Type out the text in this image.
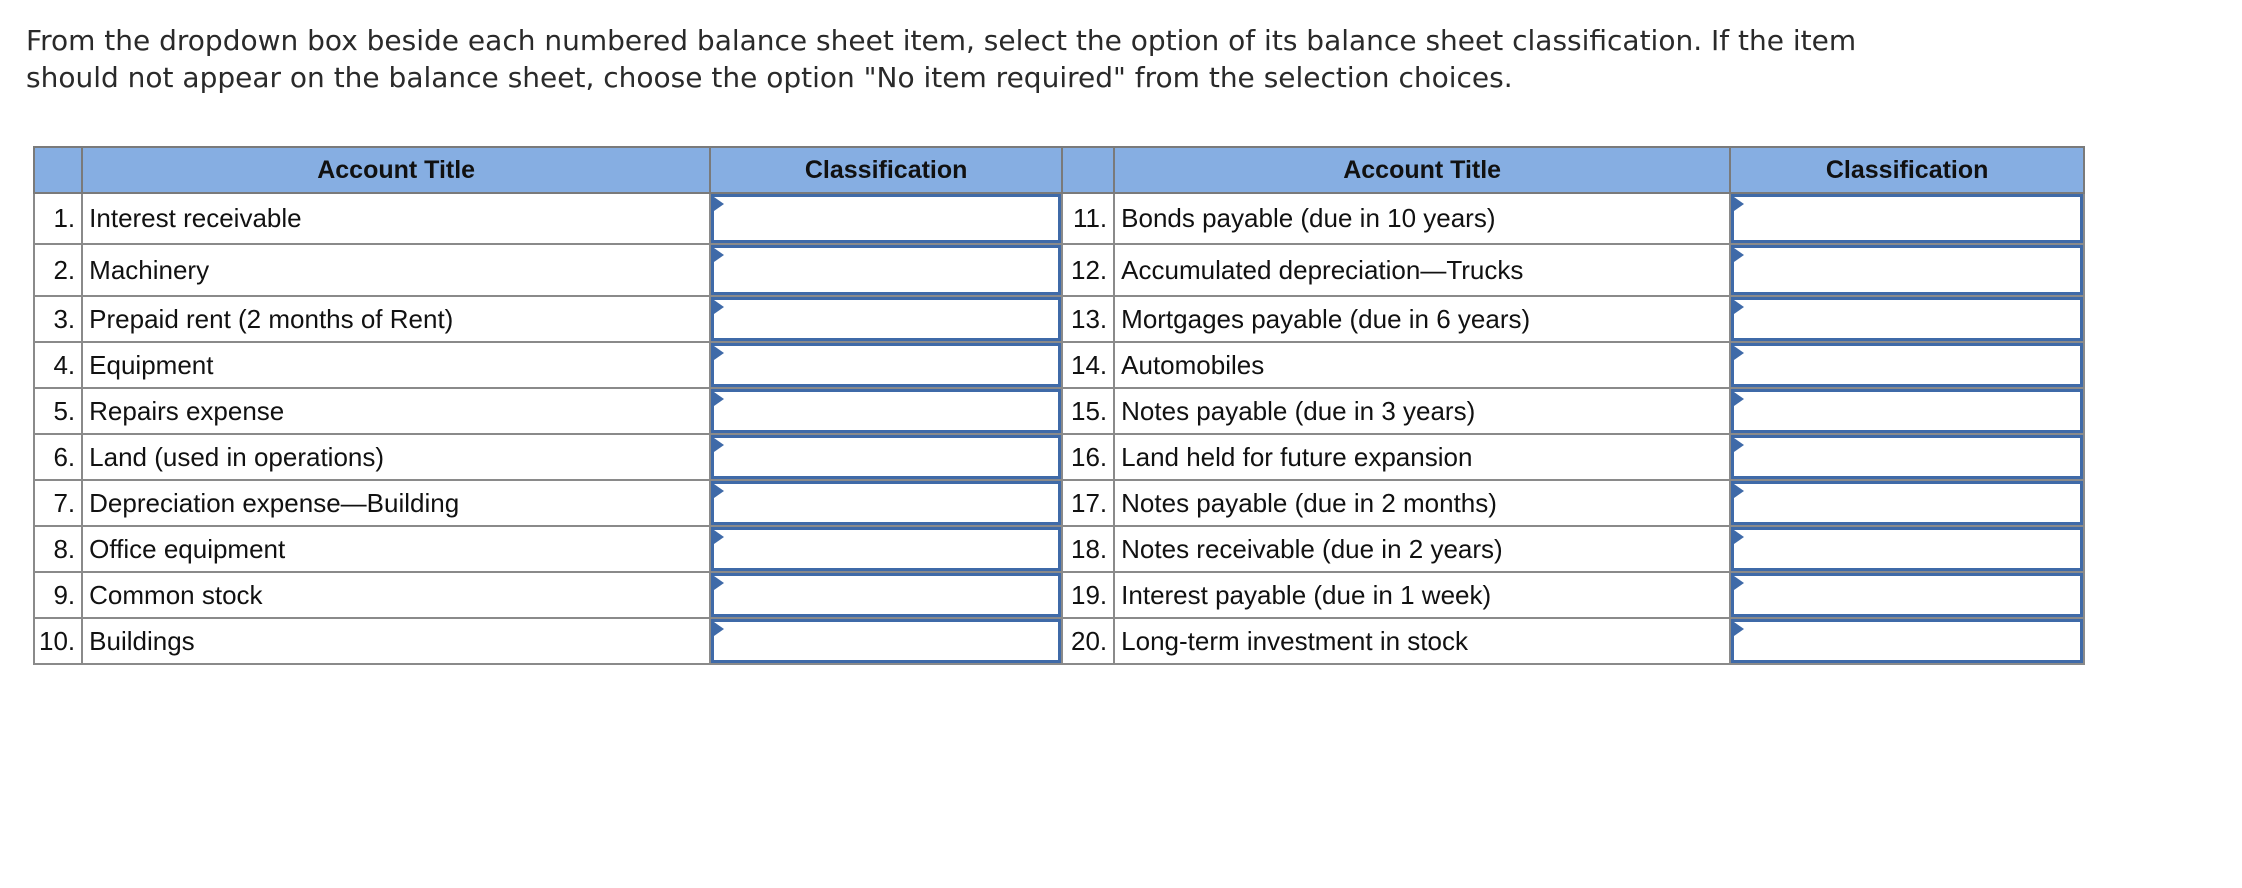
From the dropdown box beside each numbered balance sheet item, select the option of its balance sheet classification. If the item

should not appear on the balance sheet, choose the option "No item required" from the selection choices.

	Account Title	Classification		Account Title	Classification
1.	Interest receivable		11.	Bonds payable (due in 10 years)	

2.	Machinery		12.	Accumulated depreciation—Trucks	

3.	Prepaid rent (2 months of Rent)		13.	Mortgages payable (due in 6 years)	

4.	Equipment		14.	Automobiles	

5.	Repairs expense		15.	Notes payable (due in 3 years)	

6.	Land (used in operations)		16.	Land held for future expansion	

7.	Depreciation expense—Building		17.	Notes payable (due in 2 months)	

8.	Office equipment		18.	Notes receivable (due in 2 years)	

9.	Common stock		19.	Interest payable (due in 1 week)	

10.	Buildings		20.	Long-term investment in stock	
